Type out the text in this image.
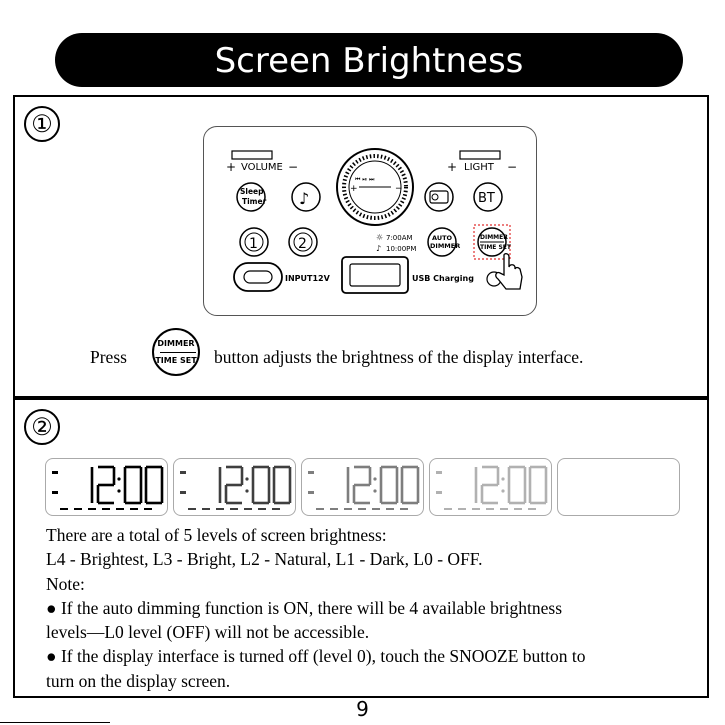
Screen Brightness
①
+ VOLUME −	+ LIGHT −
⏮ ⏯ ⏭
+	−
Sleep
Timer ♪	BT
1	2	☼ 7:00AM
♪ 10:00PM
AUTO
DIMMER
DIMMER
TIME SET
INPUT12V	USB Charging
Press
DIMMER
TIME SET button adjusts the brightness of the display interface.
②
There are a total of 5 levels of screen brightness:
L4 - Brightest, L3 - Bright, L2 - Natural, L1 - Dark, L0 - OFF.
Note:
● If the auto dimming function is ON, there will be 4 available brightness
levels—L0 level (OFF) will not be accessible.
● If the display interface is turned off (level 0), touch the SNOOZE button to
turn on the display screen.
9
